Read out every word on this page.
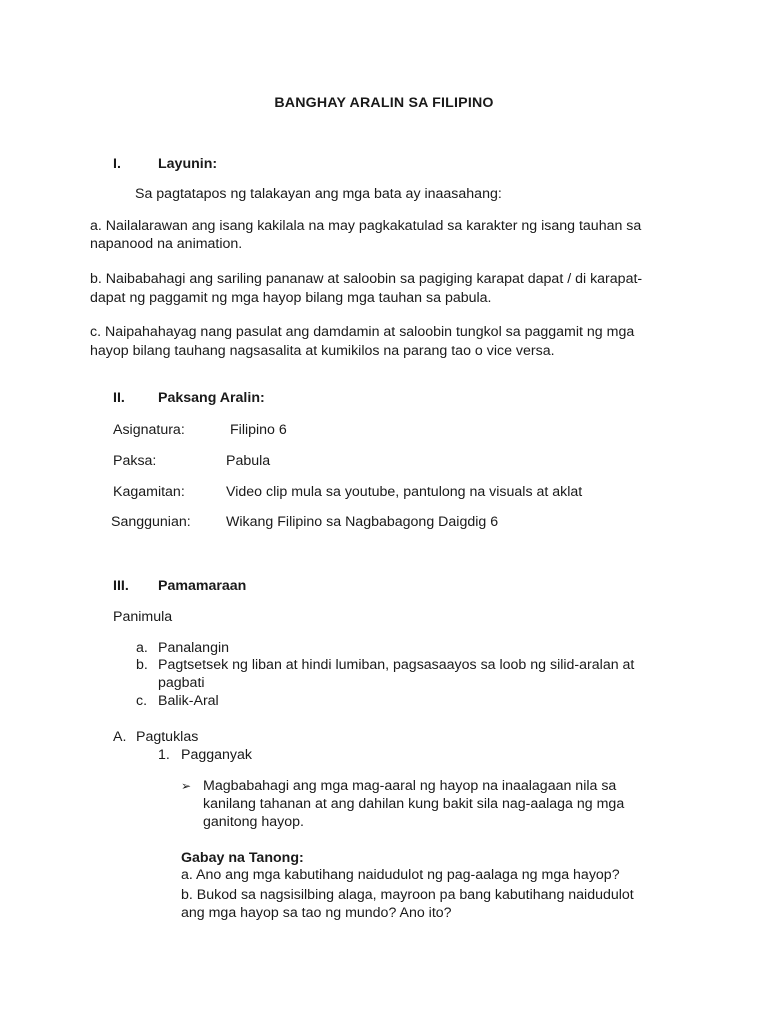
BANGHAY ARALIN SA FILIPINO
I.	Layunin:
Sa pagtatapos ng talakayan ang mga bata ay inaasahang:
a. Nailalarawan ang isang kakilala na may pagkakatulad sa karakter ng isang tauhan sa
napanood na animation.
b. Naibabahagi ang sariling pananaw at saloobin sa pagiging karapat dapat / di karapat-
dapat ng paggamit ng mga hayop bilang mga tauhan sa pabula.
c. Naipahahayag nang pasulat ang damdamin at saloobin tungkol sa paggamit ng mga
hayop bilang tauhang nagsasalita at kumikilos na parang tao o vice versa.
II. Paksang Aralin:
Asignatura:	Filipino 6
Paksa:	Pabula
Kagamitan:	Video clip mula sa youtube, pantulong na visuals at aklat
Sanggunian: Wikang Filipino sa Nagbabagong Daigdig 6
III. Pamamaraan
Panimula
a. Panalangin
b. Pagtsetsek ng liban at hindi lumiban, pagsasaayos sa loob ng silid-aralan at
pagbati
c. Balik-Aral
A. Pagtuklas
1. Pagganyak
➢ Magbabahagi ang mga mag-aaral ng hayop na inaalagaan nila sa
kanilang tahanan at ang dahilan kung bakit sila nag-aalaga ng mga
ganitong hayop.
Gabay na Tanong:
a. Ano ang mga kabutihang naidudulot ng pag-aalaga ng mga hayop?
b. Bukod sa nagsisilbing alaga, mayroon pa bang kabutihang naidudulot
ang mga hayop sa tao ng mundo? Ano ito?
